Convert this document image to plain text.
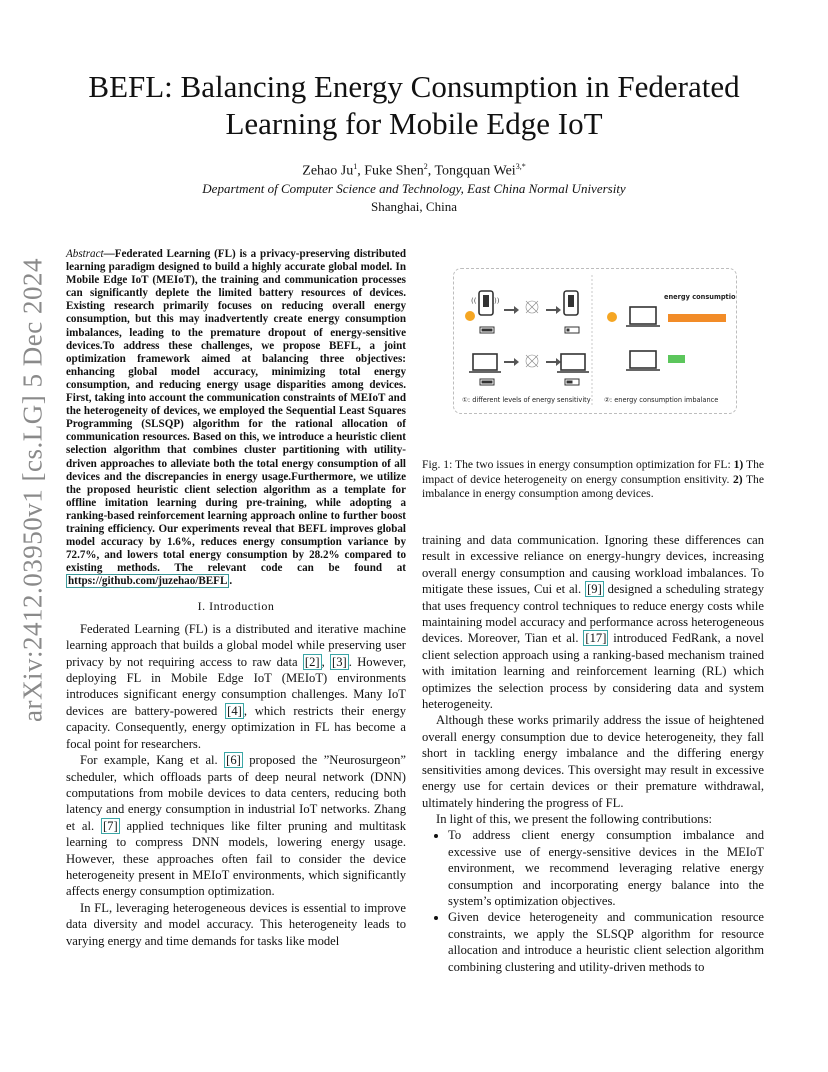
arXiv:2412.03950v1 [cs.LG] 5 Dec 2024
BEFL: Balancing Energy Consumption in Federated Learning for Mobile Edge IoT
Zehao Ju$^1$, Fuke Shen$^2$, Tongquan Wei$^{3,*}$
Department of Computer Science and Technology, East China Normal University
Shanghai, China

Abstract—Federated Learning (FL) is a privacy-preserving distributed learning paradigm designed to build a highly accurate global model. In Mobile Edge IoT (MEIoT), the training and communication processes can significantly deplete the limited battery resources of devices. Existing research primarily focuses on reducing overall energy consumption, but this may inadvertently create energy consumption imbalances, leading to the premature dropout of energy-sensitive devices.To address these challenges, we propose BEFL, a joint optimization framework aimed at balancing three objectives: enhancing global model accuracy, minimizing total energy consumption, and reducing energy usage disparities among devices. First, taking into account the communication constraints of MEIoT and the heterogeneity of devices, we employed the Sequential Least Squares Programming (SLSQP) algorithm for the rational allocation of communication resources. Based on this, we introduce a heuristic client selection algorithm that combines cluster partitioning with utility-driven approaches to alleviate both the total energy consumption of all devices and the discrepancies in energy usage.Furthermore, we utilize the proposed heuristic client selection algorithm as a template for offline imitation learning during pre-training, while adopting a ranking-based reinforcement learning approach online to further boost training efficiency. Our experiments reveal that BEFL improves global model accuracy by 1.6%, reduces energy consumption variance by 72.7%, and lowers total energy consumption by 28.2% compared to existing methods. The relevant code can be found at https://github.com/juzehao/BEFL .

I. Introduction

Federated Learning (FL) is a distributed and iterative machine learning approach that builds a global model while preserving user privacy by not requiring access to raw data [2] , [3] . However, deploying FL in Mobile Edge IoT (MEIoT) environments introduces significant energy consumption challenges. Many IoT devices are battery-powered [4] , which restricts their energy capacity. Consequently, energy optimization in FL has become a focal point for researchers.

For example, Kang et al. [6] proposed the ”Neurosurgeon” scheduler, which offloads parts of deep neural network (DNN) computations from mobile devices to data centers, reducing both latency and energy consumption in industrial IoT networks. Zhang et al. [7] applied techniques like filter pruning and multitask learning to compress DNN models, lowering energy usage. However, these approaches often fail to consider the device heterogeneity present in MEIoT environments, which significantly affects energy consumption optimization.

In FL, leveraging heterogeneous devices is essential to improve data diversity and model accuracy. This heterogeneity leads to varying energy and time demands for tasks like model

((	))
①: different levels of energy sensitivity
energy consumption
②: energy consumption imbalance
Fig. 1: The two issues in energy consumption optimization for FL: 1) The impact of device heterogeneity on energy consumption ensitivity. 2) The imbalance in energy consumption among devices.

training and data communication. Ignoring these differences can result in excessive reliance on energy-hungry devices, increasing overall energy consumption and causing workload imbalances. To mitigate these issues, Cui et al. [9] designed a scheduling strategy that uses frequency control techniques to reduce energy costs while maintaining model accuracy and performance across heterogeneous devices. Moreover, Tian et al. [17] introduced FedRank, a novel client selection approach using a ranking-based mechanism trained with imitation learning and reinforcement learning (RL) which optimizes the selection process by considering data and system heterogeneity.

Although these works primarily address the issue of heightened overall energy consumption due to device heterogeneity, they fall short in tackling energy imbalance and the differing energy sensitivities among devices. This oversight may result in excessive energy use for certain devices or their premature withdrawal, ultimately hindering the progress of FL.

In light of this, we present the following contributions:

• To address client energy consumption imbalance and excessive use of energy-sensitive devices in the MEIoT environment, we recommend leveraging relative energy consumption and incorporating energy balance into the system’s optimization objectives.
• Given device heterogeneity and communication resource constraints, we apply the SLSQP algorithm for resource allocation and introduce a heuristic client selection algorithm combining clustering and utility-driven methods to
